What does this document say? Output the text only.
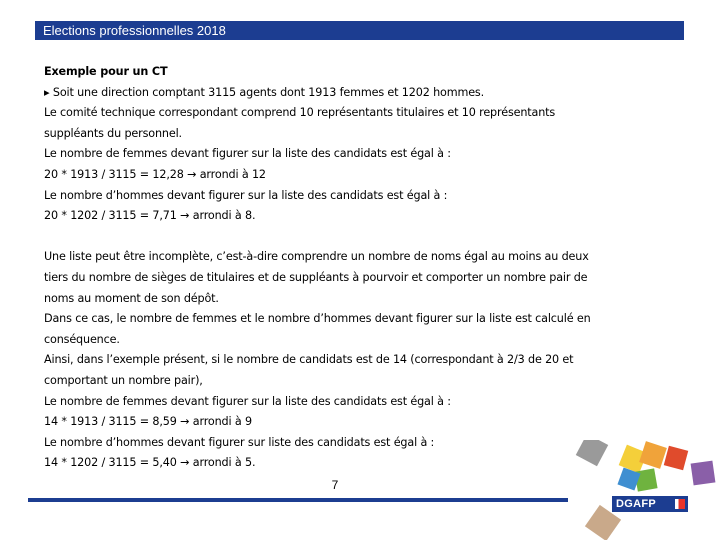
Elections professionnelles 2018

Exemple pour un CT

▸ Soit une direction comptant 3115 agents dont 1913 femmes et 1202 hommes.

Le comité technique correspondant comprend 10 représentants titulaires et 10 représentants

suppléants du personnel.

Le nombre de femmes devant figurer sur la liste des candidats est égal à :

20 * 1913 / 3115 = 12,28 → arrondi à 12

Le nombre d’hommes devant figurer sur la liste des candidats est égal à :

20 * 1202 / 3115 = 7,71 → arrondi à 8.

Une liste peut être incomplète, c’est-à-dire comprendre un nombre de noms égal au moins au deux

tiers du nombre de sièges de titulaires et de suppléants à pourvoir et comporter un nombre pair de

noms au moment de son dépôt.

Dans ce cas, le nombre de femmes et le nombre d’hommes devant figurer sur la liste est calculé en

conséquence.

Ainsi, dans l’exemple présent, si le nombre de candidats est de 14 (correspondant à 2/3 de 20 et

comportant un nombre pair),

Le nombre de femmes devant figurer sur la liste des candidats est égal à :

14 * 1913 / 3115 = 8,59 → arrondi à 9

Le nombre d’hommes devant figurer sur liste des candidats est égal à :

14 * 1202 / 3115 = 5,40 → arrondi à 5.

7
DGAFP
